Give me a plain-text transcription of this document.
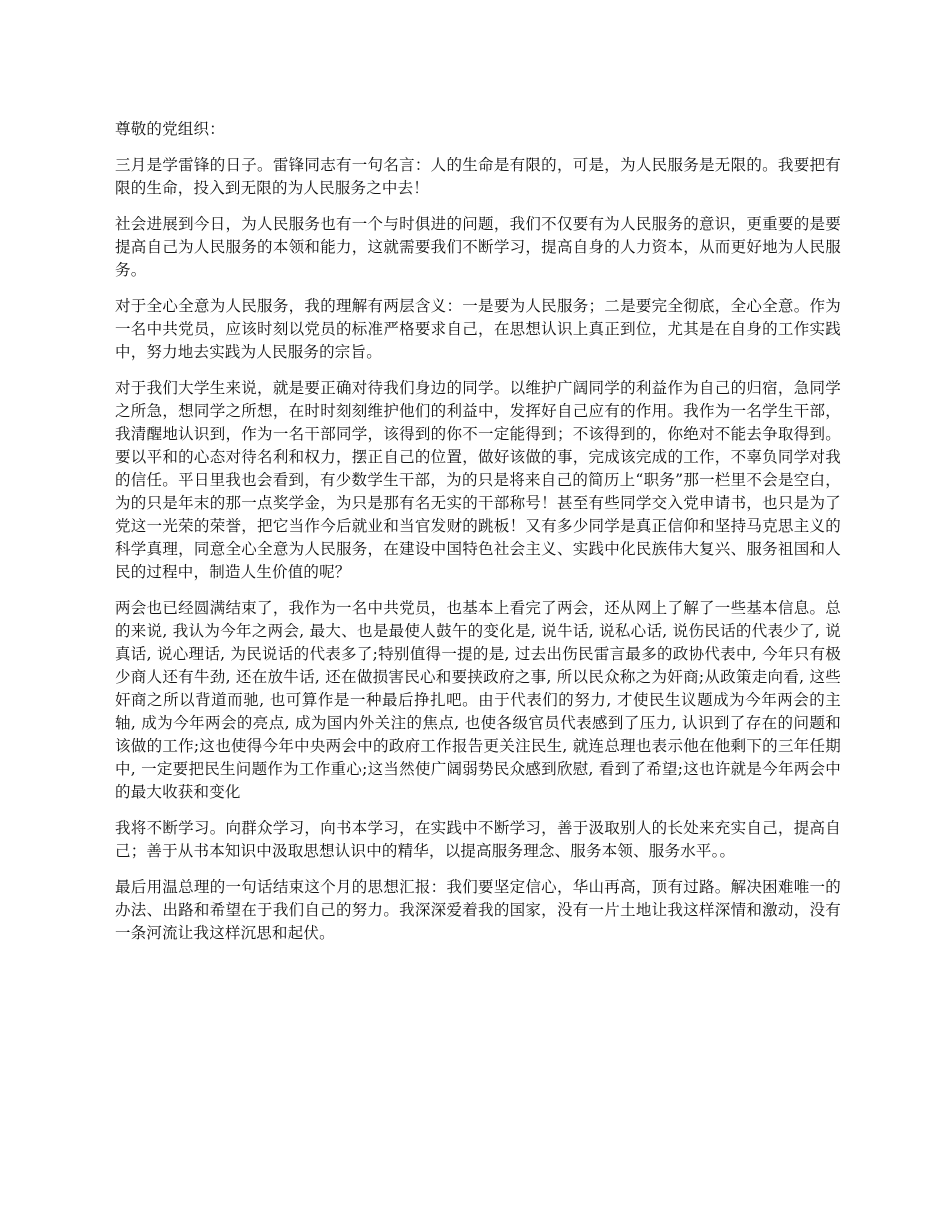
尊敬的党组织：

三月是学雷锋的日子。雷锋同志有一句名言：人的生命是有限的，可是，为人民服务是无限的。我要把有限的生命，投入到无限的为人民服务之中去！

社会进展到今日，为人民服务也有一个与时俱进的问题，我们不仅要有为人民服务的意识，更重要的是要提高自己为人民服务的本领和能力，这就需要我们不断学习，提高自身的人力资本，从而更好地为人民服务。

对于全心全意为人民服务，我的理解有两层含义：一是要为人民服务；二是要完全彻底，全心全意。作为一名中共党员，应该时刻以党员的标准严格要求自己，在思想认识上真正到位，尤其是在自身的工作实践中，努力地去实践为人民服务的宗旨。

对于我们大学生来说，就是要正确对待我们身边的同学。以维护广阔同学的利益作为自己的归宿，急同学之所急，想同学之所想，在时时刻刻维护他们的利益中，发挥好自己应有的作用。我作为一名学生干部，我清醒地认识到，作为一名干部同学，该得到的你不一定能得到；不该得到的，你绝对不能去争取得到。要以平和的心态对待名利和权力，摆正自己的位置，做好该做的事，完成该完成的工作，不辜负同学对我的信任。平日里我也会看到，有少数学生干部，为的只是将来自己的简历上“职务”那一栏里不会是空白，为的只是年末的那一点奖学金，为只是那有名无实的干部称号！甚至有些同学交入党申请书，也只是为了党这一光荣的荣誉，把它当作今后就业和当官发财的跳板！又有多少同学是真正信仰和坚持马克思主义的科学真理，同意全心全意为人民服务，在建设中国特色社会主义、实践中化民族伟大复兴、服务祖国和人民的过程中，制造人生价值的呢？

两会也已经圆满结束了，我作为一名中共党员，也基本上看完了两会，还从网上了解了一些基本信息。总的来说, 我认为今年之两会, 最大、也是最使人鼓午的变化是, 说牛话, 说私心话, 说伤民话的代表少了, 说真话, 说心理话, 为民说话的代表多了;特别值得一提的是, 过去出伤民雷言最多的政协代表中, 今年只有极少商人还有牛劲, 还在放牛话, 还在做损害民心和要挟政府之事, 所以民众称之为奸商;从政策走向看, 这些奸商之所以背道而驰, 也可算作是一种最后挣扎吧。由于代表们的努力, 才使民生议题成为今年两会的主轴, 成为今年两会的亮点, 成为国内外关注的焦点, 也使各级官员代表感到了压力, 认识到了存在的问题和该做的工作;这也使得今年中央两会中的政府工作报告更关注民生, 就连总理也表示他在他剩下的三年任期中, 一定要把民生问题作为工作重心;这当然使广阔弱势民众感到欣慰, 看到了希望;这也许就是今年两会中的最大收获和变化

我将不断学习。向群众学习，向书本学习，在实践中不断学习，善于汲取别人的长处来充实自己，提高自己；善于从书本知识中汲取思想认识中的精华，以提高服务理念、服务本领、服务水平。。

最后用温总理的一句话结束这个月的思想汇报：我们要坚定信心，华山再高，顶有过路。解决困难唯一的办法、出路和希望在于我们自己的努力。我深深爱着我的国家，没有一片土地让我这样深情和激动，没有一条河流让我这样沉思和起伏。
